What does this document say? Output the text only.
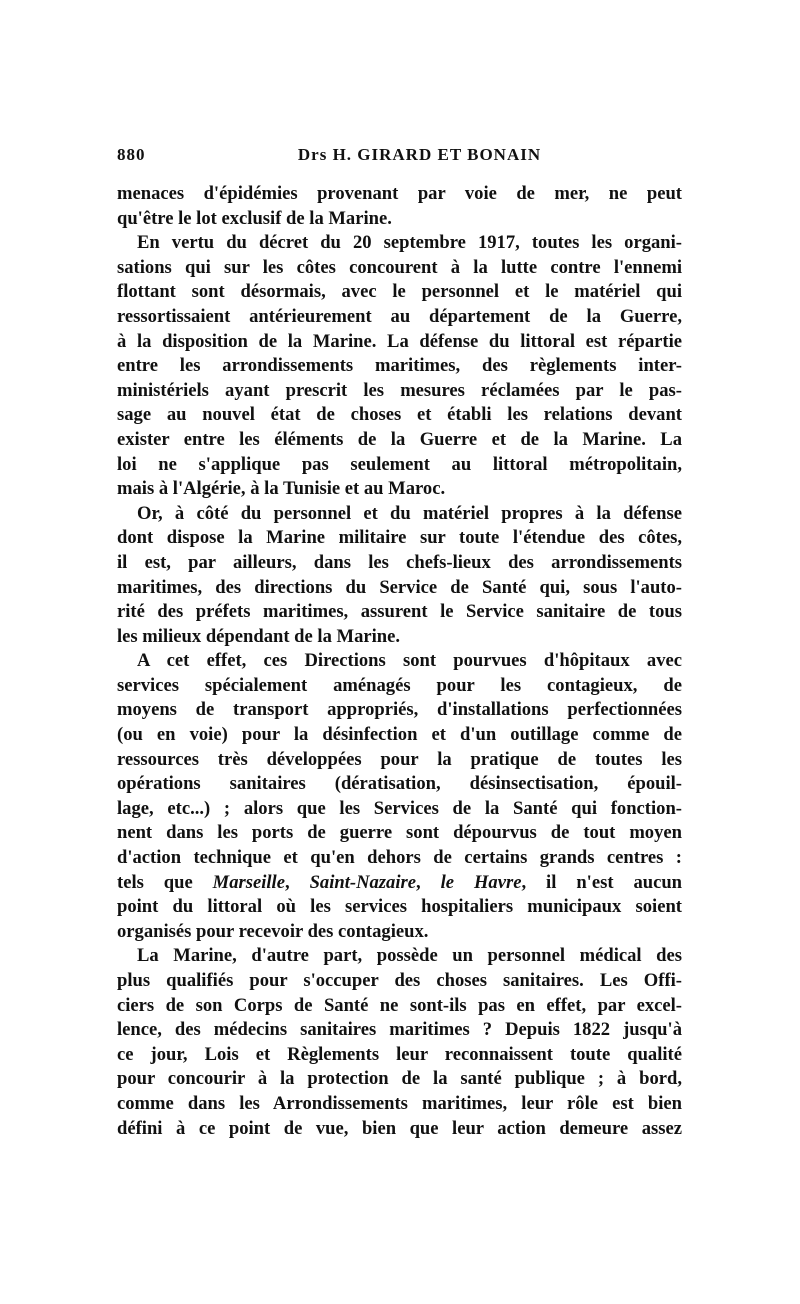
880	Drs H. GIRARD ET BONAIN
menaces d'épidémies provenant par voie de mer, ne peut
qu'être le lot exclusif de la Marine.
En vertu du décret du 20 septembre 1917, toutes les organi-
sations qui sur les côtes concourent à la lutte contre l'ennemi
flottant sont désormais, avec le personnel et le matériel qui
ressortissaient antérieurement au département de la Guerre,
à la disposition de la Marine. La défense du littoral est répartie
entre les arrondissements maritimes, des règlements inter-
ministériels ayant prescrit les mesures réclamées par le pas-
sage au nouvel état de choses et établi les relations devant
exister entre les éléments de la Guerre et de la Marine. La
loi ne s'applique pas seulement au littoral métropolitain,
mais à l'Algérie, à la Tunisie et au Maroc.
Or, à côté du personnel et du matériel propres à la défense
dont dispose la Marine militaire sur toute l'étendue des côtes,
il est, par ailleurs, dans les chefs-lieux des arrondissements
maritimes, des directions du Service de Santé qui, sous l'auto-
rité des préfets maritimes, assurent le Service sanitaire de tous
les milieux dépendant de la Marine.
A cet effet, ces Directions sont pourvues d'hôpitaux avec
services spécialement aménagés pour les contagieux, de
moyens de transport appropriés, d'installations perfectionnées
(ou en voie) pour la désinfection et d'un outillage comme de
ressources très développées pour la pratique de toutes les
opérations sanitaires (dératisation, désinsectisation, épouil-
lage, etc...) ; alors que les Services de la Santé qui fonction-
nent dans les ports de guerre sont dépourvus de tout moyen
d'action technique et qu'en dehors de certains grands centres :
tels que Marseille, Saint-Nazaire, le Havre, il n'est aucun
point du littoral où les services hospitaliers municipaux soient
organisés pour recevoir des contagieux.
La Marine, d'autre part, possède un personnel médical des
plus qualifiés pour s'occuper des choses sanitaires. Les Offi-
ciers de son Corps de Santé ne sont-ils pas en effet, par excel-
lence, des médecins sanitaires maritimes ? Depuis 1822 jusqu'à
ce jour, Lois et Règlements leur reconnaissent toute qualité
pour concourir à la protection de la santé publique ; à bord,
comme dans les Arrondissements maritimes, leur rôle est bien
défini à ce point de vue, bien que leur action demeure assez
